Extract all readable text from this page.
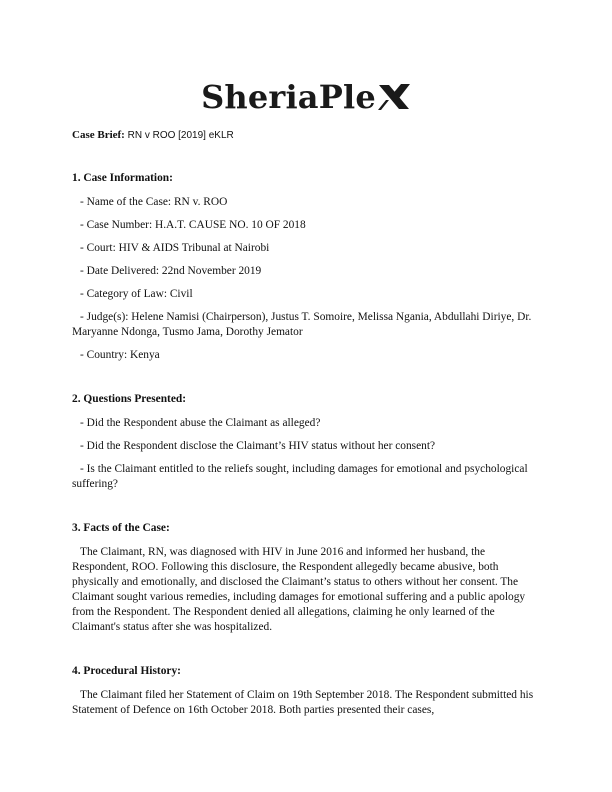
SheriaPle
Case Brief: RN v ROO [2019] eKLR
1. Case Information:
- Name of the Case: RN v. ROO
- Case Number: H.A.T. CAUSE NO. 10 OF 2018
- Court: HIV & AIDS Tribunal at Nairobi
- Date Delivered: 22nd November 2019
- Category of Law: Civil
- Judge(s): Helene Namisi (Chairperson), Justus T. Somoire, Melissa Ngania, Abdullahi Diriye, Dr. Maryanne Ndonga, Tusmo Jama, Dorothy Jemator
- Country: Kenya
2. Questions Presented:
- Did the Respondent abuse the Claimant as alleged?
- Did the Respondent disclose the Claimant’s HIV status without her consent?
- Is the Claimant entitled to the reliefs sought, including damages for emotional and psychological suffering?
3. Facts of the Case:

The Claimant, RN, was diagnosed with HIV in June 2016 and informed her husband, the Respondent, ROO. Following this disclosure, the Respondent allegedly became abusive, both physically and emotionally, and disclosed the Claimant’s status to others without her consent. The Claimant sought various remedies, including damages for emotional suffering and a public apology from the Respondent. The Respondent denied all allegations, claiming he only learned of the Claimant's status after she was hospitalized.

4. Procedural History:

The Claimant filed her Statement of Claim on 19th September 2018. The Respondent submitted his Statement of Defence on 16th October 2018. Both parties presented their cases,
